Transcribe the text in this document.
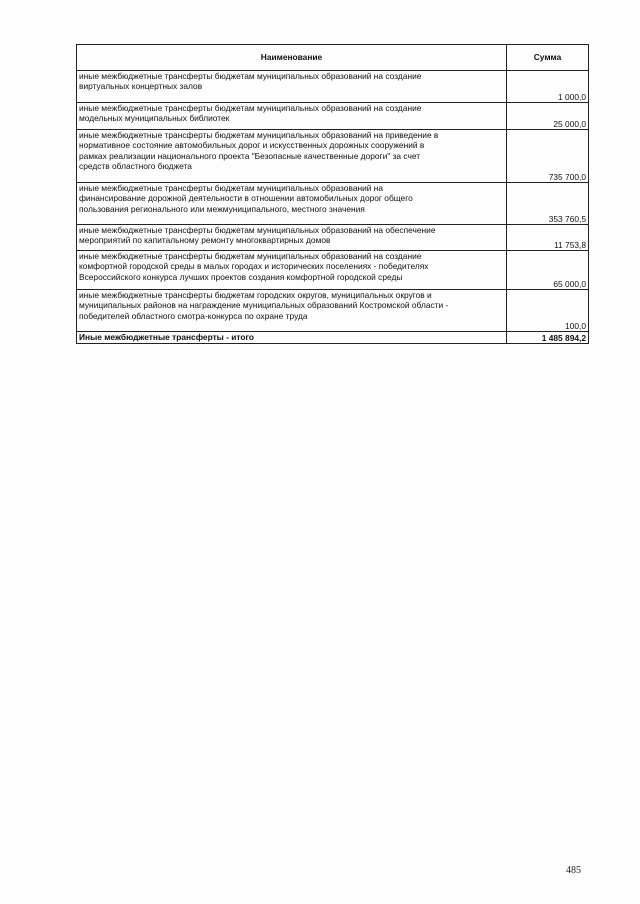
Наименование	Сумма
иные межбюджетные трансферты бюджетам муниципальных образований на создание
виртуальных концертных залов	1 000,0
иные межбюджетные трансферты бюджетам муниципальных образований на создание
модельных муниципальных библиотек	25 000,0
иные межбюджетные трансферты бюджетам муниципальных образований на приведение в
нормативное состояние автомобильных дорог и искусственных дорожных сооружений в
рамках реализации национального проекта "Безопасные качественные дороги" за счет
средств областного бюджета	735 700,0
иные межбюджетные трансферты бюджетам муниципальных образований на
финансирование дорожной деятельности в отношении автомобильных дорог общего
пользования регионального или межмуниципального, местного значения	353 760,5
иные межбюджетные трансферты бюджетам муниципальных образований на обеспечение
мероприятий по капитальному ремонту многоквартирных домов	11 753,8
иные межбюджетные трансферты бюджетам муниципальных образований на создание
комфортной городской среды в малых городах и исторических поселениях - победителях
Всероссийского конкурса лучших проектов создания комфортной городской среды	65 000,0
иные межбюджетные трансферты бюджетам городских округов, муниципальных округов и
муниципальных районов на награждение муниципальных образований Костромской области -
победителей областного смотра-конкурса по охране труда	100,0
Иные межбюджетные трансферты - итого	1 485 894,2
485
